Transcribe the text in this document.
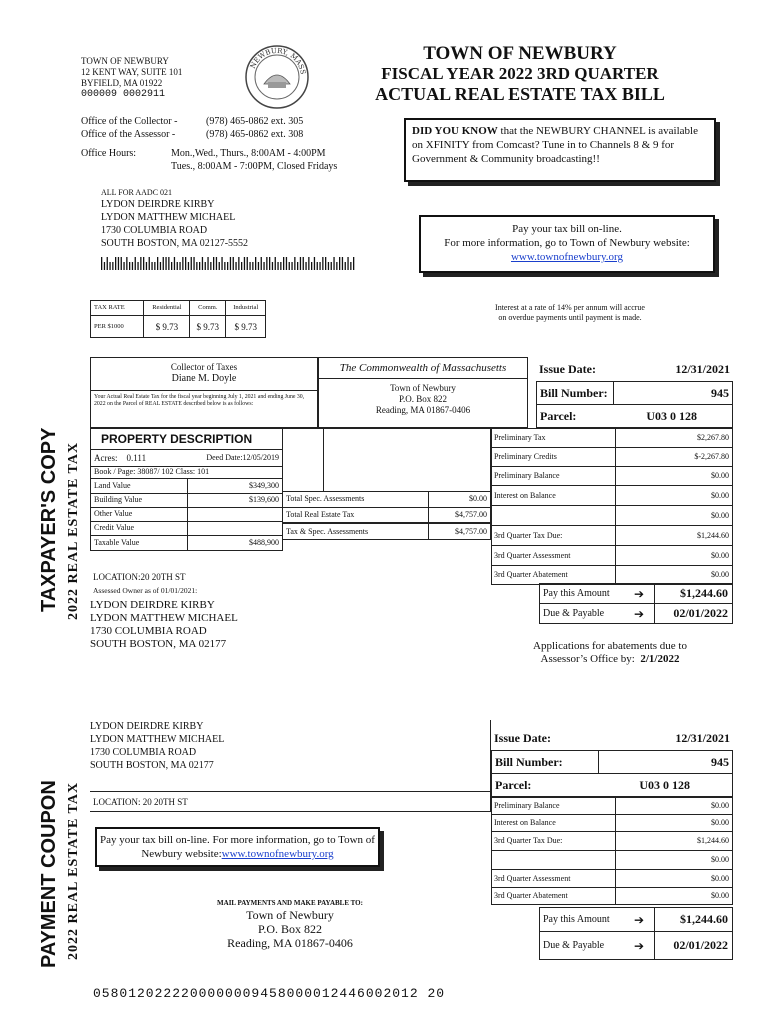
TOWN OF NEWBURY
12 KENT WAY, SUITE 101
BYFIELD, MA 01922
000009 0002911
NEWBURY, MASS
TOWN OF NEWBURY
FISCAL YEAR 2022 3RD QUARTER
ACTUAL REAL ESTATE TAX BILL
Office of the Collector -	(978) 465-0862 ext. 305
Office of the Assessor -	(978) 465-0862 ext. 308
Office Hours:	Mon.,Wed., Thurs., 8:00AM - 4:00PM
Tues., 8:00AM - 7:00PM, Closed Fridays
DID YOU KNOW that the NEWBURY CHANNEL is available on XFINITY from Comcast? Tune in to Channels 8 & 9 for Government & Community broadcasting!!
ALL FOR AADC 021
LYDON DEIRDRE KIRBY
LYDON MATTHEW MICHAEL
1730 COLUMBIA ROAD
SOUTH BOSTON, MA 02127-5552
Pay your tax bill on-line.
For more information, go to Town of Newbury website:
www.townofnewbury.org
TAX RATE	Residential	Comm.	Industrial
PER $1000	$ 9.73	$ 9.73	$ 9.73
Interest at a rate of 14% per annum will accrue
on overdue payments until payment is made.
TAXPAYER'S COPY 2022 REAL ESTATE TAX
Collector of Taxes
Diane M. Doyle
Your Actual Real Estate Tax for the fiscal year beginning July 1, 2021 and ending June 30, 2022 on the Parcel of REAL ESTATE described below is as follows:
The Commonwealth of Massachusetts
Town of Newbury
P.O. Box 822
Reading, MA 01867-0406
Issue Date:	12/31/2021
Bill Number:	945
Parcel:	U03 0 128
PROPERTY DESCRIPTION
Acres: 0.111	Deed Date:12/05/2019
Book / Page: 38087/ 102 Class: 101
Land Value	$349,300
Building Value	$139,600
Other Value	
Credit Value	
Taxable Value	$488,900
Total Spec. Assessments	$0.00
Total Real Estate Tax	$4,757.00
Tax & Spec. Assessments	$4,757.00
Preliminary Tax	$2,267.80
Preliminary Credits	$-2,267.80
Preliminary Balance	$0.00
Interest on Balance	$0.00
	$0.00
3rd Quarter Tax Due:	$1,244.60
3rd Quarter Assessment	$0.00
3rd Quarter Abatement	$0.00
Pay this Amount	➔	$1,244.60
Due & Payable	➔	02/01/2022
LOCATION:20 20TH ST
Assessed Owner as of 01/01/2021:
LYDON DEIRDRE KIRBY
LYDON MATTHEW MICHAEL
1730 COLUMBIA ROAD
SOUTH BOSTON, MA 02177	Applications for abatements due to
Assessor’s Office by: 2/1/2022
PAYMENT COUPON 2022 REAL ESTATE TAX
LYDON DEIRDRE KIRBY
LYDON MATTHEW MICHAEL
1730 COLUMBIA ROAD
SOUTH BOSTON, MA 02177
LOCATION: 20 20TH ST
Pay your tax bill on-line. For more information, go to Town of Newbury website:www.townofnewbury.org
MAIL PAYMENTS AND MAKE PAYABLE TO:
Town of Newbury
P.O. Box 822
Reading, MA 01867-0406
Issue Date:	12/31/2021
Bill Number:	945
Parcel:	U03 0 128
Preliminary Balance	$0.00
Interest on Balance	$0.00
3rd Quarter Tax Due:	$1,244.60
	$0.00
3rd Quarter Assessment	$0.00
3rd Quarter Abatement	$0.00
Pay this Amount	➔	$1,244.60
Due & Payable	➔	02/01/2022
0580120222200000009458000012446002012 20
